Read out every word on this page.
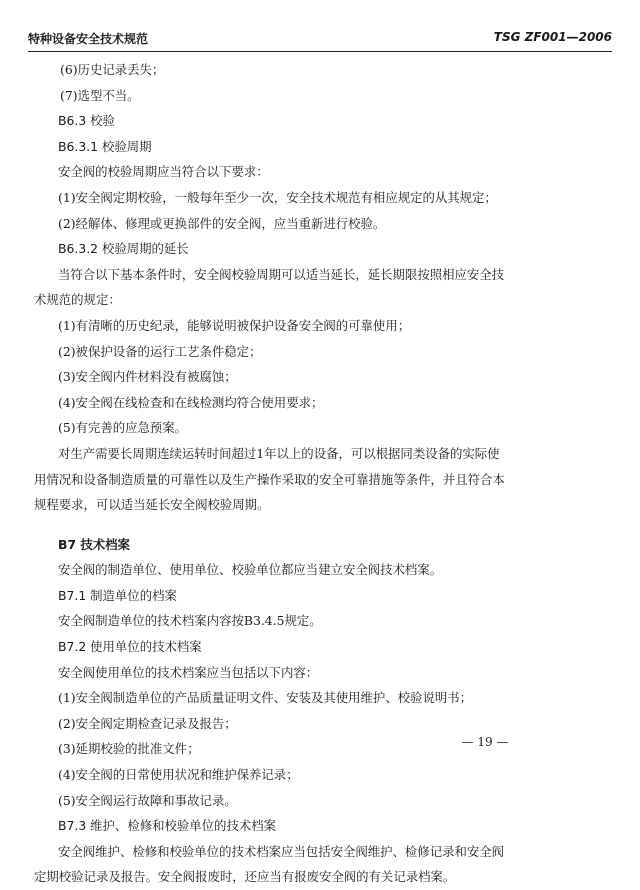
特种设备安全技术规范	TSG ZF001—2006
(6)历史记录丢失；
(7)选型不当。
B6.3 校验
B6.3.1 校验周期
安全阀的校验周期应当符合以下要求：
(1)安全阀定期校验，一般每年至少一次，安全技术规范有相应规定的从其规定；
(2)经解体、修理或更换部件的安全阀，应当重新进行校验。
B6.3.2 校验周期的延长
当符合以下基本条件时，安全阀校验周期可以适当延长，延长期限按照相应安全技
术规范的规定：
(1)有清晰的历史纪录，能够说明被保护设备安全阀的可靠使用；
(2)被保护设备的运行工艺条件稳定；
(3)安全阀内件材料没有被腐蚀；
(4)安全阀在线检查和在线检测均符合使用要求；
(5)有完善的应急预案。
对生产需要长周期连续运转时间超过1年以上的设备，可以根据同类设备的实际使
用情况和设备制造质量的可靠性以及生产操作采取的安全可靠措施等条件，并且符合本
规程要求，可以适当延长安全阀校验周期。
B7 技术档案
安全阀的制造单位、使用单位、校验单位都应当建立安全阀技术档案。
B7.1 制造单位的档案
安全阀制造单位的技术档案内容按B3.4.5规定。
B7.2 使用单位的技术档案
安全阀使用单位的技术档案应当包括以下内容：
(1)安全阀制造单位的产品质量证明文件、安装及其使用维护、校验说明书；
(2)安全阀定期检查记录及报告；
(3)延期校验的批准文件；
(4)安全阀的日常使用状况和维护保养记录；
(5)安全阀运行故障和事故记录。
B7.3 维护、检修和校验单位的技术档案
安全阀维护、检修和校验单位的技术档案应当包括安全阀维护、检修记录和安全阀
定期校验记录及报告。安全阀报废时，还应当有报废安全阀的有关记录档案。
— 19 —
